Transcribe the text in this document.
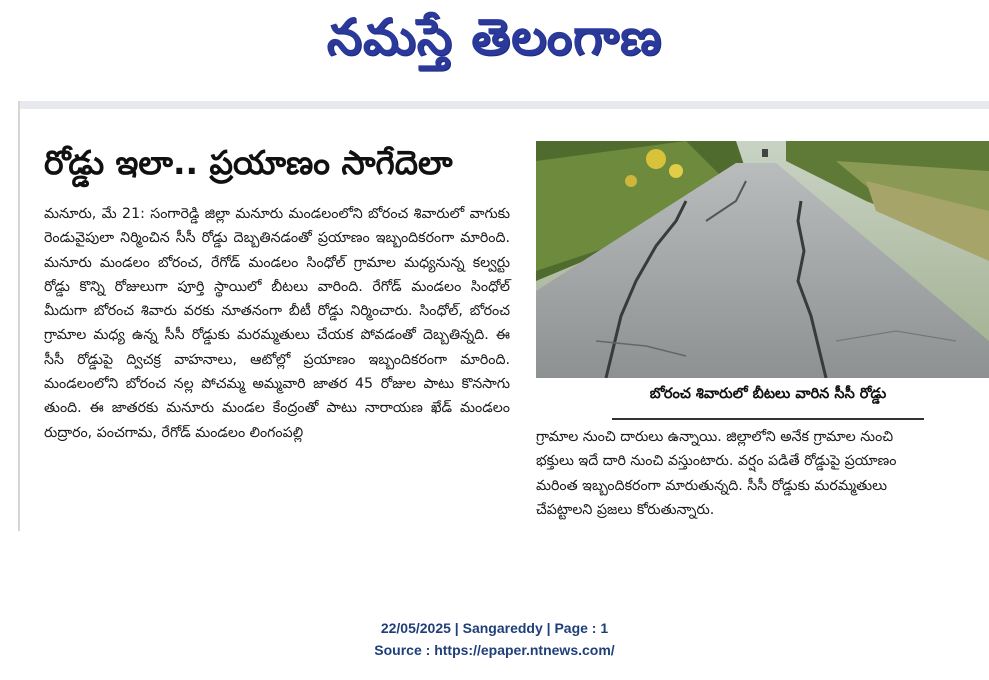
నమస్తే తెలంగాణ
రోడ్డు ఇలా.. ప్రయాణం సాగేదెలా

మనూరు, మే 21: సంగారెడ్డి జిల్లా మనూరు మండలంలోని బోరంచ శివారులో వాగుకు రెండువైపులా నిర్మించిన సీసీ రోడ్డు దెబ్బతినడంతో ప్రయాణం ఇబ్బందికరంగా మారింది. మనూరు మండలం బోరంచ, రేగోడ్ మండలం సింధోల్ గ్రామాల మధ్యనున్న కల్వర్టు రోడ్డు కొన్ని రోజులుగా పూర్తి స్థాయిలో బీటలు వారింది. రేగోడ్ మండలం సింధోల్ మీదుగా బోరంచ శివారు వరకు నూతనంగా బీటీ రోడ్డు నిర్మించారు. సింధోల్, బోరంచ గ్రామాల మధ్య ఉన్న సీసీ రోడ్డుకు మరమ్మతులు చేయక పోవడంతో దెబ్బతిన్నది. ఈ సీసీ రోడ్డుపై ద్విచక్ర వాహనాలు, ఆటోల్లో ప్రయాణం ఇబ్బందికరంగా మారింది. మండలంలోని బోరంచ నల్ల పోచమ్మ అమ్మవారి జాతర 45 రోజుల పాటు కొనసాగు తుంది. ఈ జాతరకు మనూరు మండల కేంద్రంతో పాటు నారాయణ ఖేడ్ మండలం రుద్రారం, పంచగామ, రేగోడ్ మండలం లింగంపల్లి

బోరంచ శివారులో బీటలు వారిన సీసీ రోడ్డు
గ్రామాల నుంచి దారులు ఉన్నాయి. జిల్లాలోని అనేక గ్రామాల నుంచి
భక్తులు ఇదే దారి నుంచి వస్తుంటారు. వర్షం పడితే రోడ్డుపై ప్రయాణం
మరింత ఇబ్బందికరంగా మారుతున్నది. సీసీ రోడ్డుకు మరమ్మతులు
చేపట్టాలని ప్రజలు కోరుతున్నారు.
22/05/2025 | Sangareddy | Page : 1
Source : https://epaper.ntnews.com/
